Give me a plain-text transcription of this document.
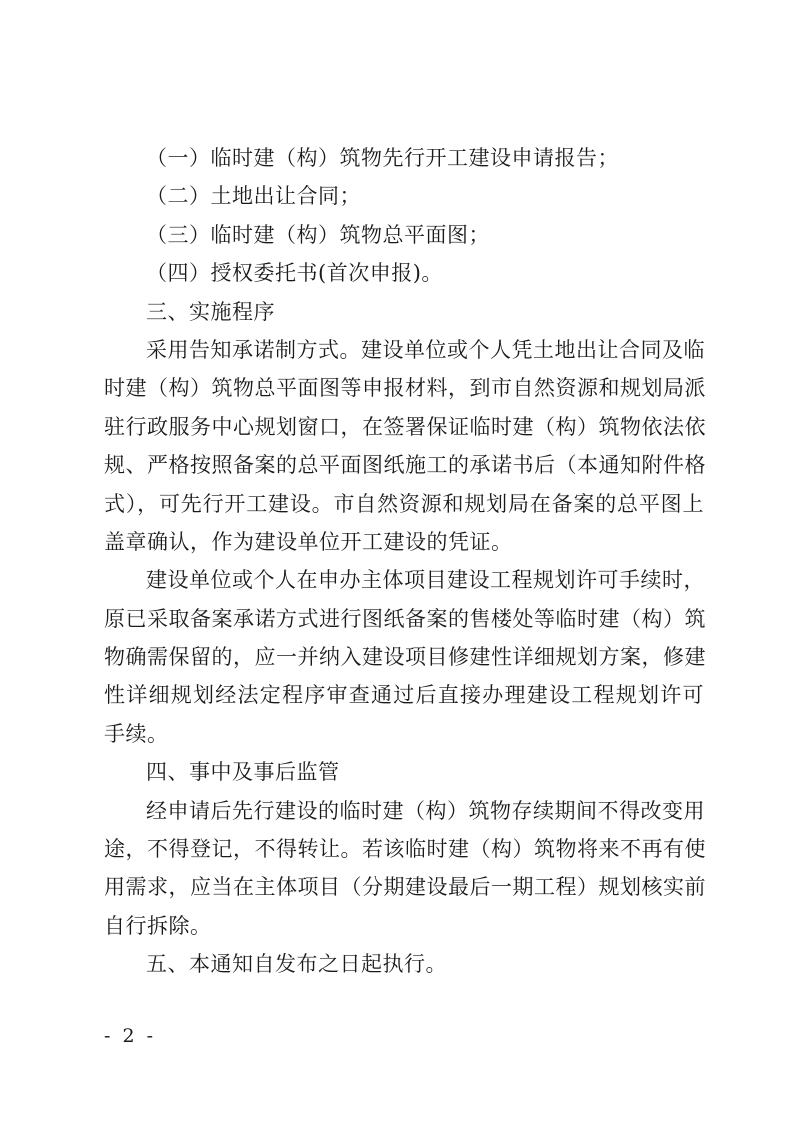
（一）临时建（构）筑物先行开工建设申请报告；
（二）土地出让合同；
（三）临时建（构）筑物总平面图；
（四）授权委托书(首次申报)。
三、实施程序
采用告知承诺制方式。建设单位或个人凭土地出让合同及临
时建（构）筑物总平面图等申报材料，到市自然资源和规划局派
驻行政服务中心规划窗口，在签署保证临时建（构）筑物依法依
规、严格按照备案的总平面图纸施工的承诺书后（本通知附件格
式），可先行开工建设。市自然资源和规划局在备案的总平图上
盖章确认，作为建设单位开工建设的凭证。
建设单位或个人在申办主体项目建设工程规划许可手续时，
原已采取备案承诺方式进行图纸备案的售楼处等临时建（构）筑
物确需保留的，应一并纳入建设项目修建性详细规划方案，修建
性详细规划经法定程序审查通过后直接办理建设工程规划许可
手续。
四、事中及事后监管
经申请后先行建设的临时建（构）筑物存续期间不得改变用
途，不得登记，不得转让。若该临时建（构）筑物将来不再有使
用需求，应当在主体项目（分期建设最后一期工程）规划核实前
自行拆除。
五、本通知自发布之日起执行。
- 2 -
